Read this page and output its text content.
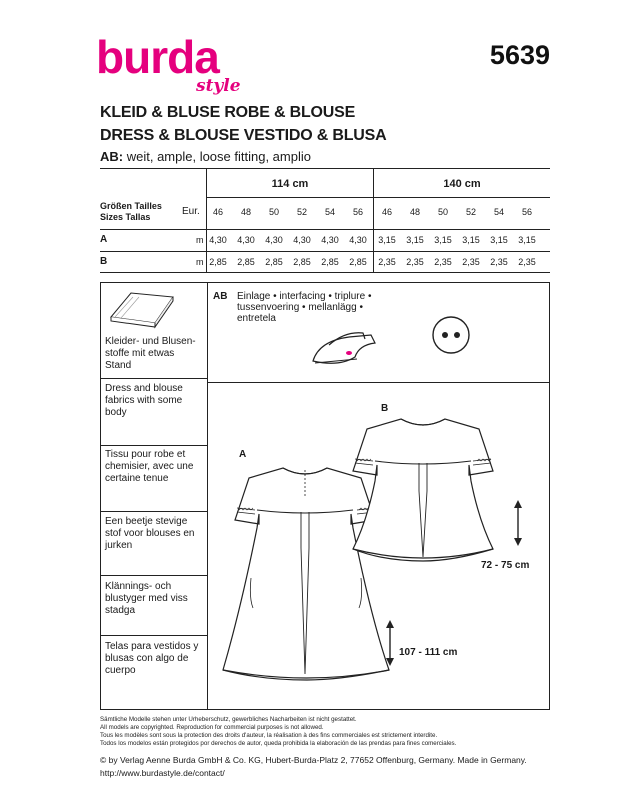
burda
style
5639
KLEID & BLUSE ROBE & BLOUSE
DRESS & BLOUSE VESTIDO & BLUSA
AB: weit, ample, loose fitting, amplio
114 cm	140 cm
Größen Tailles
Sizes Tallas	Eur.	46	48	50	52	54	56	46	48	50	52	54	56
A	m 4,30	4,30	4,30	4,30	4,30	4,30	3,15	3,15	3,15	3,15	3,15	3,15
B	m 2,85	2,85	2,85	2,85	2,85	2,85	2,35	2,35	2,35	2,35	2,35	2,35
Kleider- und Blusen-stoffe mit etwas Stand
Dress and blouse fabrics with some body
Tissu pour robe et chemisier, avec une certaine tenue
Een beetje stevige stof voor blouses en jurken
Klännings- och blustyger med viss stadga
Telas para vestidos y blusas con algo de cuerpo
AB Einlage • interfacing • triplure • tussenvoering • mellanlägg • entretela
A
B
72 - 75 cm
107 - 111 cm
Sämtliche Modelle stehen unter Urheberschutz, gewerbliches Nacharbeiten ist nicht gestattet.
All models are copyrighted. Reproduction for commercial purposes is not allowed.
Tous les modèles sont sous la protection des droits d'auteur, la réalisation à des fins commerciales est strictement interdite.
Todos los modelos están protegidos por derechos de autor, queda prohibida la elaboración de las prendas para fines comerciales.
© by Verlag Aenne Burda GmbH & Co. KG, Hubert-Burda-Platz 2, 77652 Offenburg, Germany. Made in Germany.
http://www.burdastyle.de/contact/
